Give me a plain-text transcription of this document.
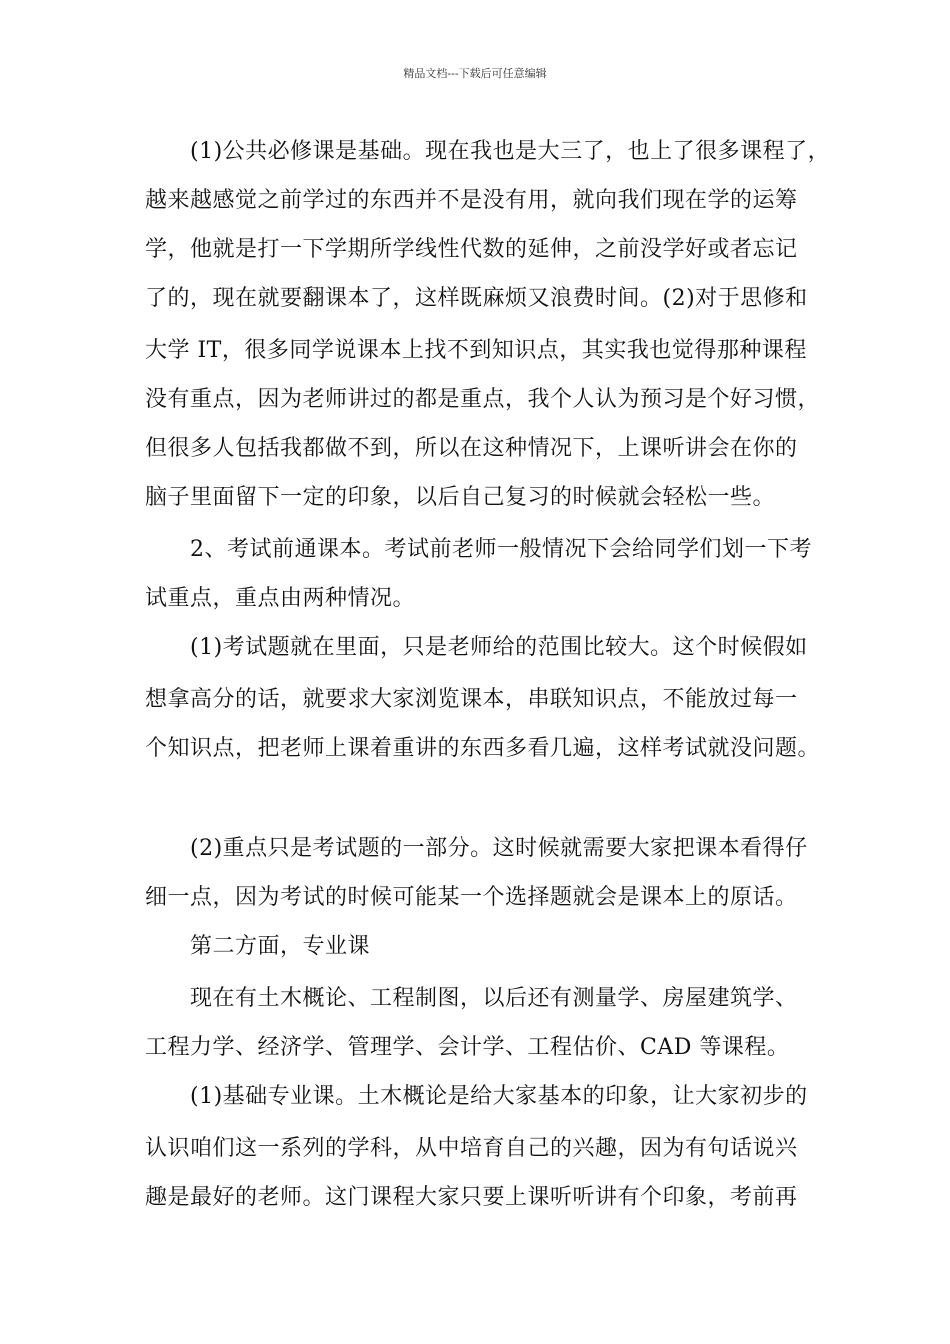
精品文档---下载后可任意编辑
(1)公共必修课是基础。现在我也是大三了，也上了很多课程了，
越来越感觉之前学过的东西并不是没有用，就向我们现在学的运筹
学，他就是打一下学期所学线性代数的延伸，之前没学好或者忘记
了的，现在就要翻课本了，这样既麻烦又浪费时间。(2)对于思修和
大学 IT，很多同学说课本上找不到知识点，其实我也觉得那种课程
没有重点，因为老师讲过的都是重点，我个人认为预习是个好习惯，
但很多人包括我都做不到，所以在这种情况下，上课听讲会在你的
脑子里面留下一定的印象，以后自己复习的时候就会轻松一些。
2、考试前通课本。考试前老师一般情况下会给同学们划一下考
试重点，重点由两种情况。
(1)考试题就在里面，只是老师给的范围比较大。这个时候假如
想拿高分的话，就要求大家浏览课本，串联知识点，不能放过每一
个知识点，把老师上课着重讲的东西多看几遍，这样考试就没问题。
(2)重点只是考试题的一部分。这时候就需要大家把课本看得仔
细一点，因为考试的时候可能某一个选择题就会是课本上的原话。
第二方面，专业课
现在有土木概论、工程制图，以后还有测量学、房屋建筑学、
工程力学、经济学、管理学、会计学、工程估价、CAD 等课程。
(1)基础专业课。土木概论是给大家基本的印象，让大家初步的
认识咱们这一系列的学科，从中培育自己的兴趣，因为有句话说兴
趣是最好的老师。这门课程大家只要上课听听讲有个印象，考前再
